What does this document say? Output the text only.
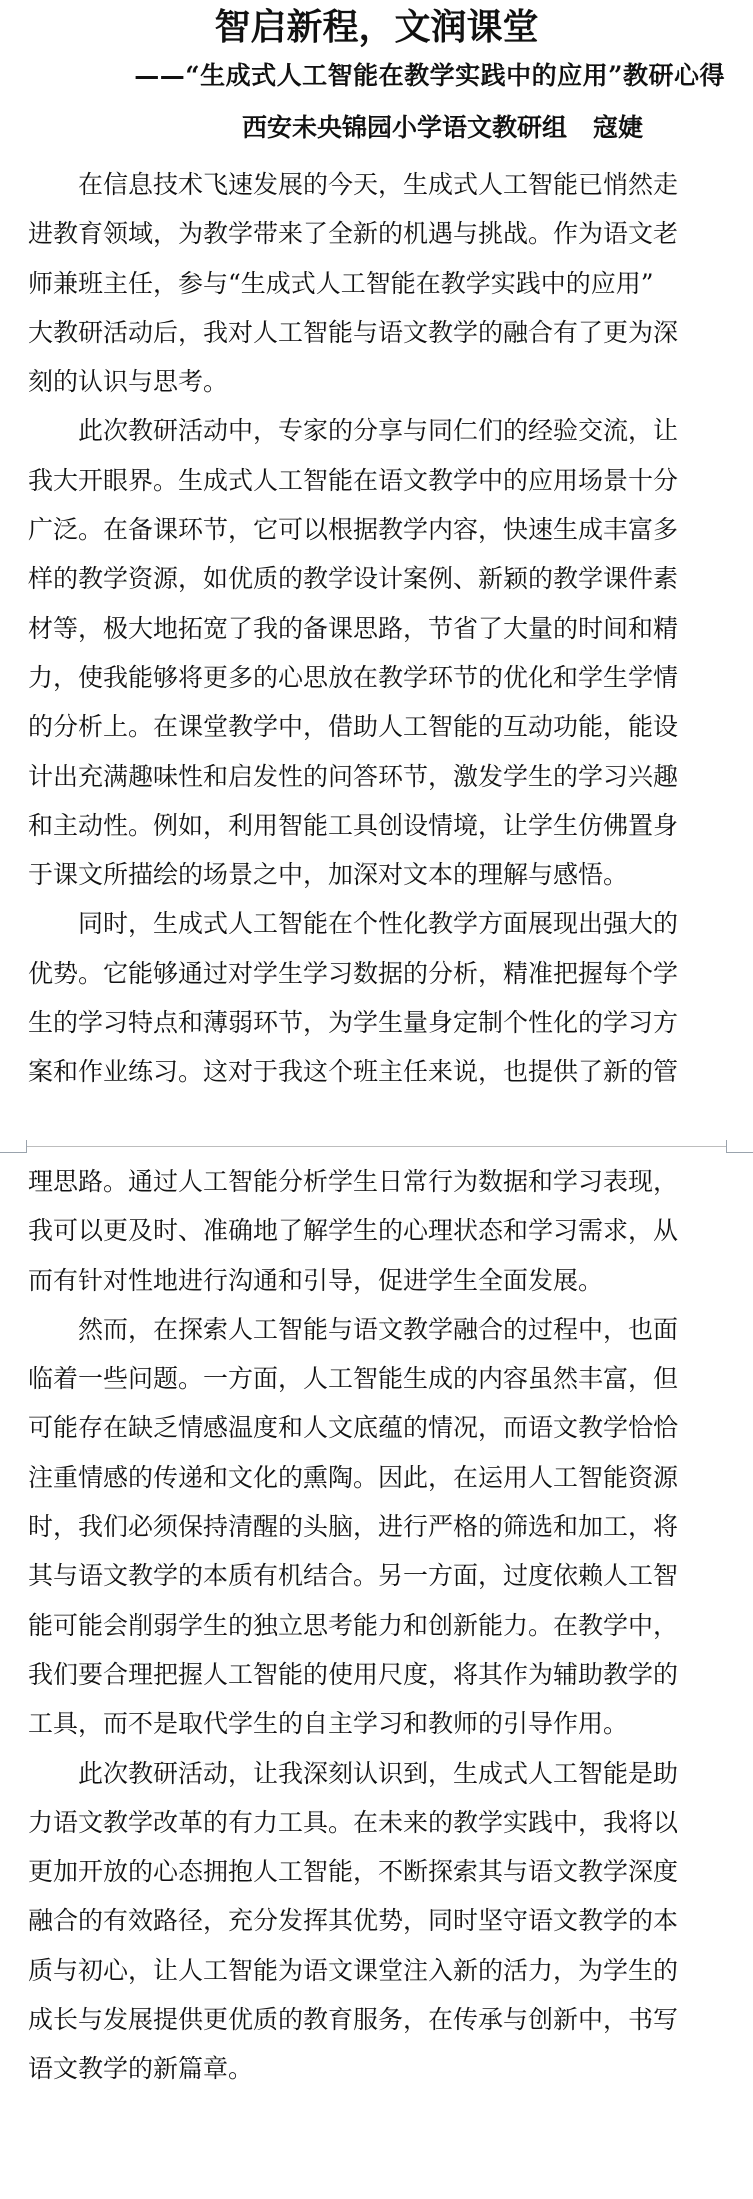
智启新程，文润课堂

——“生成式人工智能在教学实践中的应用”教研心得

西安未央锦园小学语文教研组 寇婕

在信息技术飞速发展的今天，生成式人工智能已悄然走
进教育领域，为教学带来了全新的机遇与挑战。作为语文老
师兼班主任，参与“生成式人工智能在教学实践中的应用”
大教研活动后，我对人工智能与语文教学的融合有了更为深
刻的认识与思考。

此次教研活动中，专家的分享与同仁们的经验交流，让
我大开眼界。生成式人工智能在语文教学中的应用场景十分
广泛。在备课环节，它可以根据教学内容，快速生成丰富多
样的教学资源，如优质的教学设计案例、新颖的教学课件素
材等，极大地拓宽了我的备课思路，节省了大量的时间和精
力，使我能够将更多的心思放在教学环节的优化和学生学情
的分析上。在课堂教学中，借助人工智能的互动功能，能设
计出充满趣味性和启发性的问答环节，激发学生的学习兴趣
和主动性。例如，利用智能工具创设情境，让学生仿佛置身
于课文所描绘的场景之中，加深对文本的理解与感悟。

同时，生成式人工智能在个性化教学方面展现出强大的
优势。它能够通过对学生学习数据的分析，精准把握每个学
生的学习特点和薄弱环节，为学生量身定制个性化的学习方
案和作业练习。这对于我这个班主任来说，也提供了新的管

理思路。通过人工智能分析学生日常行为数据和学习表现，
我可以更及时、准确地了解学生的心理状态和学习需求，从
而有针对性地进行沟通和引导，促进学生全面发展。

然而，在探索人工智能与语文教学融合的过程中，也面
临着一些问题。一方面，人工智能生成的内容虽然丰富，但
可能存在缺乏情感温度和人文底蕴的情况，而语文教学恰恰
注重情感的传递和文化的熏陶。因此，在运用人工智能资源
时，我们必须保持清醒的头脑，进行严格的筛选和加工，将
其与语文教学的本质有机结合。另一方面，过度依赖人工智
能可能会削弱学生的独立思考能力和创新能力。在教学中，
我们要合理把握人工智能的使用尺度，将其作为辅助教学的
工具，而不是取代学生的自主学习和教师的引导作用。

此次教研活动，让我深刻认识到，生成式人工智能是助
力语文教学改革的有力工具。在未来的教学实践中，我将以
更加开放的心态拥抱人工智能，不断探索其与语文教学深度
融合的有效路径，充分发挥其优势，同时坚守语文教学的本
质与初心，让人工智能为语文课堂注入新的活力，为学生的
成长与发展提供更优质的教育服务，在传承与创新中，书写
语文教学的新篇章。
